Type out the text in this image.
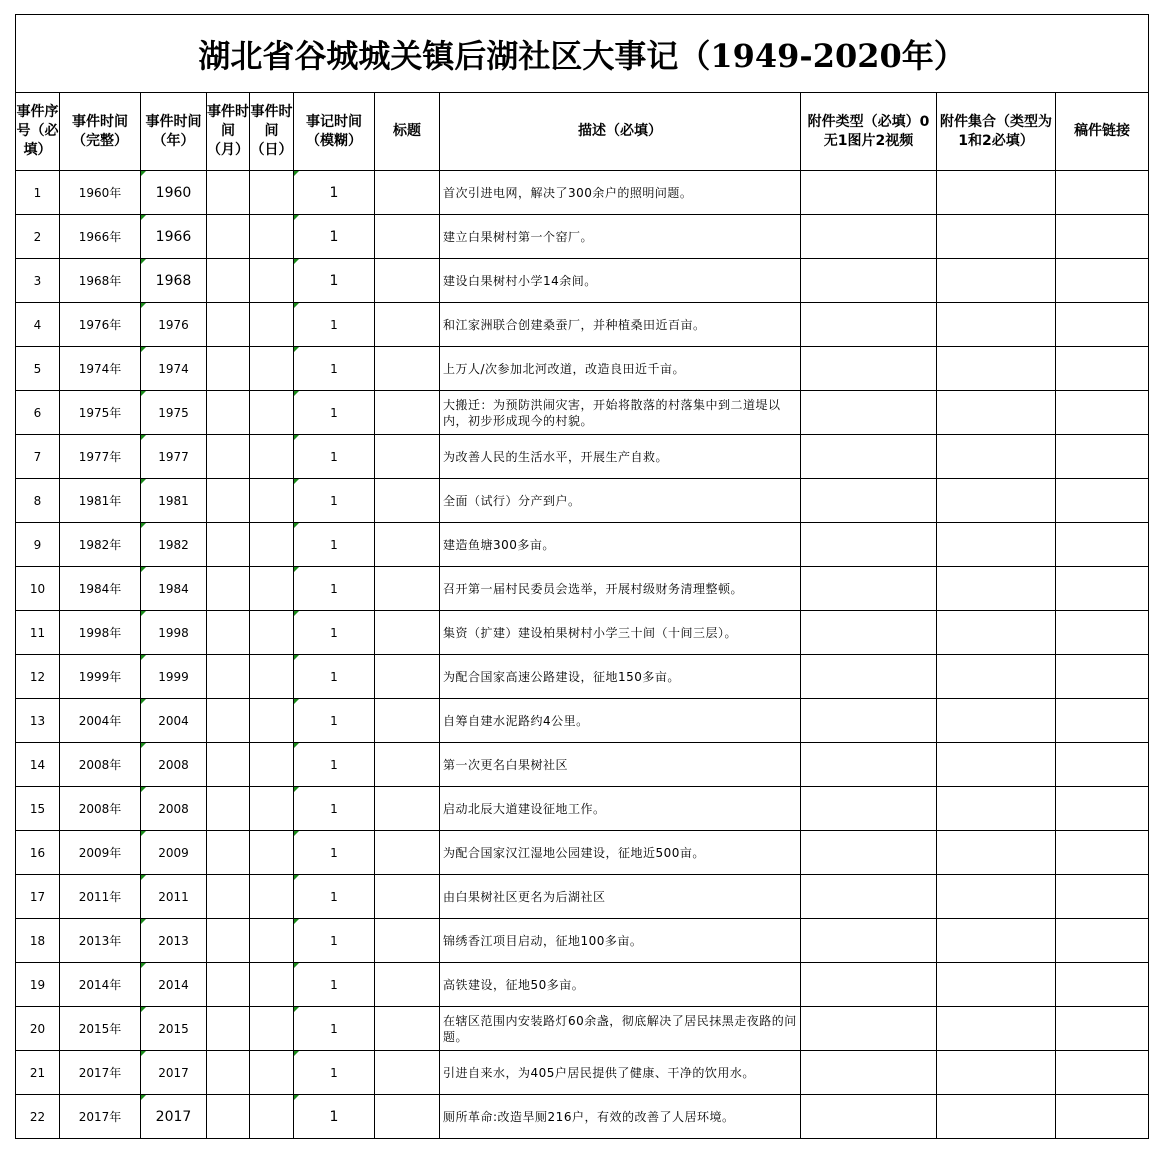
湖北省谷城城关镇后湖社区大事记（1949-2020年）										
事件序号（必填）	事件时间（完整）	事件时间（年）	事件时间（月）	事件时间（日）	事记时间（模糊）	标题	描述（必填）	附件类型（必填）0无1图片2视频	附件集合（类型为1和2必填）	稿件链接
1	1960年	1960			1		首次引进电网，解决了300余户的照明问题。			
2	1966年	1966			1		建立白果树村第一个窑厂。			
3	1968年	1968			1		建设白果树村小学14余间。			
4	1976年	1976			1		和江家洲联合创建桑蚕厂，并种植桑田近百亩。			
5	1974年	1974			1		上万人/次参加北河改道，改造良田近千亩。			
6	1975年	1975			1		大搬迁：为预防洪闹灾害，开始将散落的村落集中到二道堤以内，初步形成现今的村貌。			
7	1977年	1977			1		为改善人民的生活水平，开展生产自救。			
8	1981年	1981			1		全面（试行）分产到户。			
9	1982年	1982			1		建造鱼塘300多亩。			
10	1984年	1984			1		召开第一届村民委员会选举，开展村级财务清理整顿。			
11	1998年	1998			1		集资（扩建）建设柏果树村小学三十间（十间三层）。			
12	1999年	1999			1		为配合国家高速公路建设，征地150多亩。			
13	2004年	2004			1		自筹自建水泥路约4公里。			
14	2008年	2008			1		第一次更名白果树社区			
15	2008年	2008			1		启动北辰大道建设征地工作。			
16	2009年	2009			1		为配合国家汉江湿地公园建设，征地近500亩。			
17	2011年	2011			1		由白果树社区更名为后湖社区			
18	2013年	2013			1		锦绣香江项目启动，征地100多亩。			
19	2014年	2014			1		高铁建设，征地50多亩。			
20	2015年	2015			1		在辖区范围内安装路灯60余盏，彻底解决了居民抹黑走夜路的问题。			
21	2017年	2017			1		引进自来水，为405户居民提供了健康、干净的饮用水。			
22	2017年	2017			1		厕所革命:改造旱厕216户，有效的改善了人居环境。			
